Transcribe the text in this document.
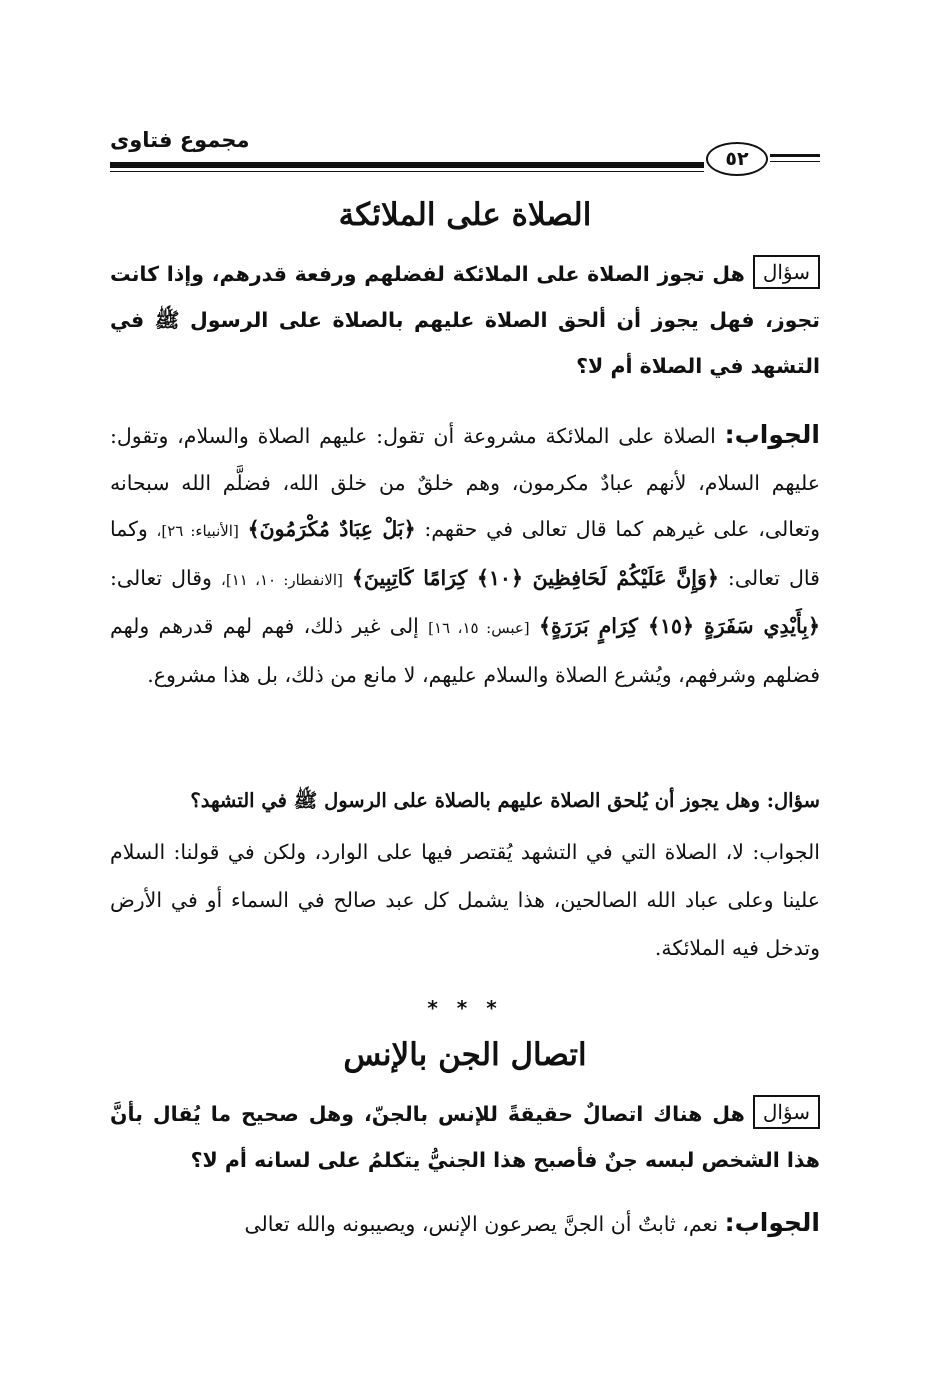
مجموع فتاوى
٥٢
الصلاة على الملائكة
سؤالهل تجوز الصلاة على الملائكة لفضلهم ورفعة قدرهم، وإذا كانت تجوز، فهل يجوز أن ألحق الصلاة عليهم بالصلاة على الرسول ﷺ في التشهد في الصلاة أم لا؟
الجواب: الصلاة على الملائكة مشروعة أن تقول: عليهم الصلاة والسلام، وتقول: عليهم السلام، لأنهم عبادٌ مكرمون، وهم خلقٌ من خلق الله، فضلَّم الله سبحانه وتعالى، على غيرهم كما قال تعالى في حقهم: ﴿بَلْ عِبَادٌ مُكْرَمُونَ﴾ [الأنبياء: ٢٦]، وكما قال تعالى: ﴿وَإِنَّ عَلَيْكُمْ لَحَافِظِينَ ﴿١٠﴾ كِرَامًا كَاتِبِينَ﴾ [الانفطار: ١٠، ١١]، وقال تعالى: ﴿بِأَيْدِي سَفَرَةٍ ﴿١٥﴾ كِرَامٍ بَرَرَةٍ﴾ [عبس: ١٥، ١٦] إلى غير ذلك، فهم لهم قدرهم ولهم فضلهم وشرفهم، ويُشرع الصلاة والسلام عليهم، لا مانع من ذلك، بل هذا مشروع.
سؤال: وهل يجوز أن يُلحق الصلاة عليهم بالصلاة على الرسول ﷺ في التشهد؟
الجواب: لا، الصلاة التي في التشهد يُقتصر فيها على الوارد، ولكن في قولنا: السلام علينا وعلى عباد الله الصالحين، هذا يشمل كل عبد صالح في السماء أو في الأرض وتدخل فيه الملائكة.
* * *
اتصال الجن بالإنس
سؤالهل هناك اتصالٌ حقيقةً للإنس بالجنّ، وهل صحيح ما يُقال بأنَّ هذا الشخص لبسه جنٌ فأصبح هذا الجنيُّ يتكلمُ على لسانه أم لا؟
الجواب: نعم، ثابتٌ أن الجنَّ يصرعون الإنس، ويصيبونه والله تعالى
